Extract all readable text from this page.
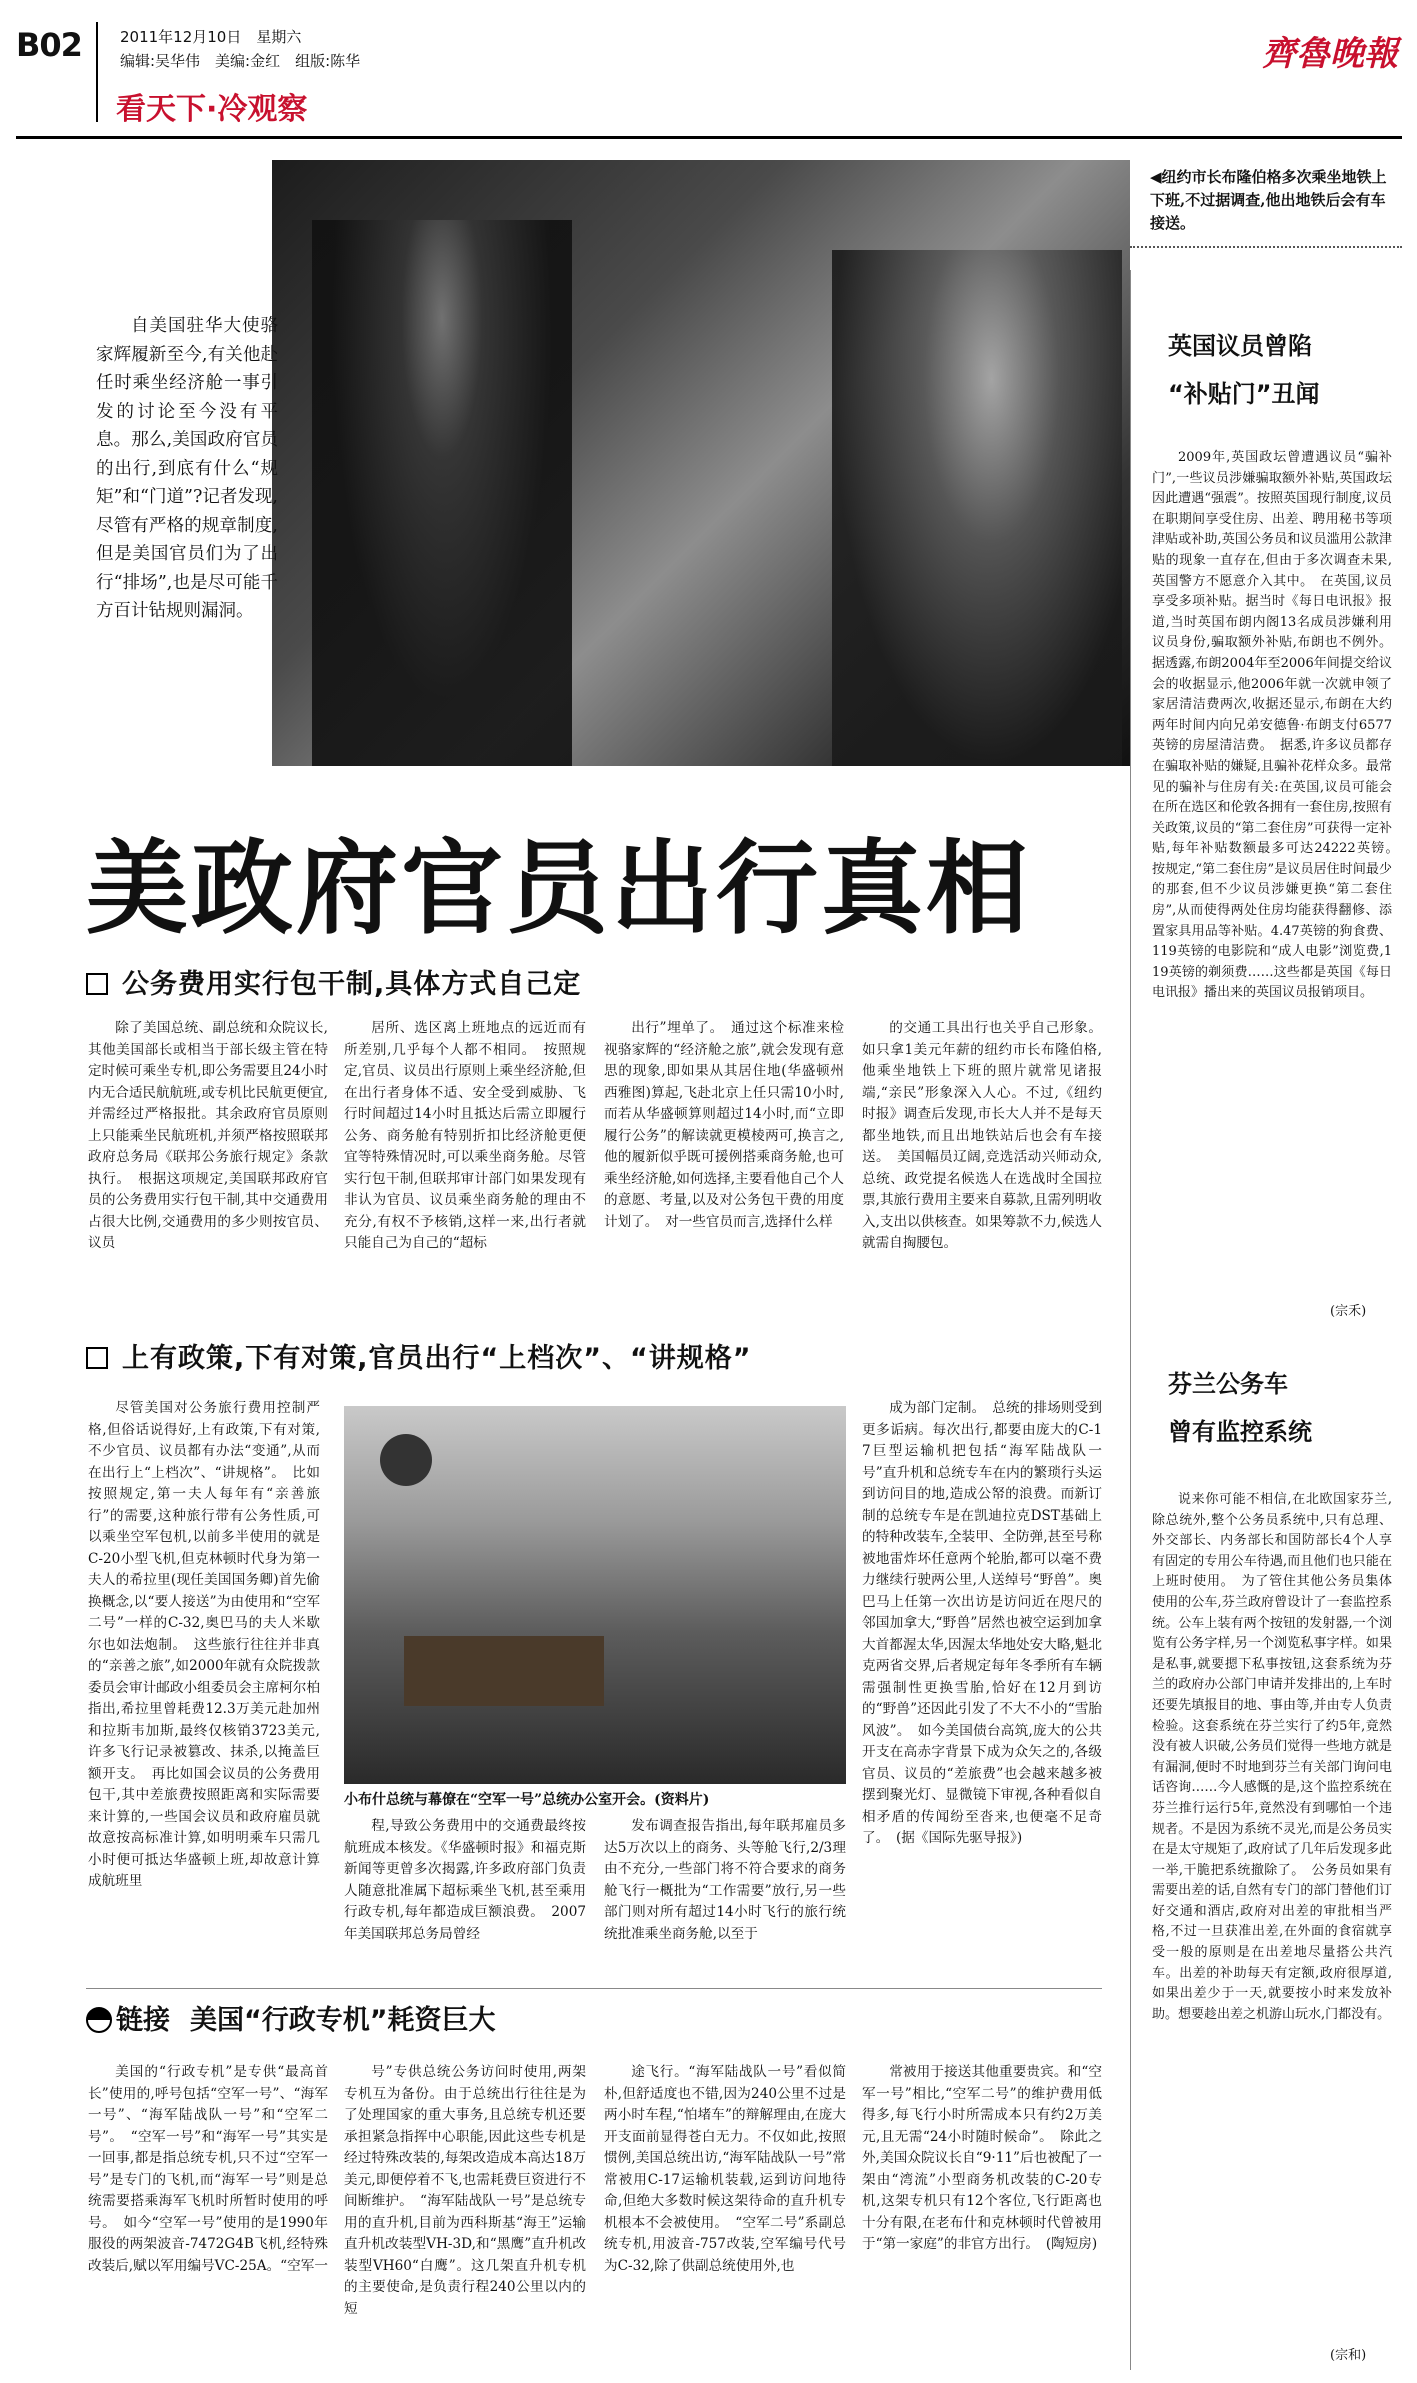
B02	2011年12月10日　星期六
编辑:吴华伟　美编:金红　组版:陈华
看天下·冷观察
齊魯晚報
◀纽约市长布隆伯格多次乘坐地铁上下班,不过据调查,他出地铁后会有车接送。
自美国驻华大使骆家辉履新至今,有关他赴任时乘坐经济舱一事引发的讨论至今没有平息。那么,美国政府官员的出行,到底有什么“规矩”和“门道”?记者发现,尽管有严格的规章制度,但是美国官员们为了出行“排场”,也是尽可能千方百计钻规则漏洞。
美政府官员出行真相
公务费用实行包干制,具体方式自己定
除了美国总统、副总统和众院议长,其他美国部长或相当于部长级主管在特定时候可乘坐专机,即公务需要且24小时内无合适民航航班,或专机比民航更便宜,并需经过严格报批。其余政府官员原则上只能乘坐民航班机,并须严格按照联邦政府总务局《联邦公务旅行规定》条款执行。　根据这项规定,美国联邦政府官员的公务费用实行包干制,其中交通费用占很大比例,交通费用的多少则按官员、议员
居所、选区离上班地点的远近而有所差别,几乎每个人都不相同。　按照规定,官员、议员出行原则上乘坐经济舱,但在出行者身体不适、安全受到威胁、飞行时间超过14小时且抵达后需立即履行公务、商务舱有特别折扣比经济舱更便宜等特殊情况时,可以乘坐商务舱。尽管实行包干制,但联邦审计部门如果发现有非认为官员、议员乘坐商务舱的理由不充分,有权不予核销,这样一来,出行者就只能自己为自己的“超标
出行”埋单了。　通过这个标准来检视骆家辉的“经济舱之旅”,就会发现有意思的现象,即如果从其居住地(华盛顿州西雅图)算起,飞赴北京上任只需10小时,而若从华盛顿算则超过14小时,而“立即履行公务”的解读就更模棱两可,换言之,他的履新似乎既可援例搭乘商务舱,也可乘坐经济舱,如何选择,主要看他自己个人的意愿、考量,以及对公务包干费的用度计划了。　对一些官员而言,选择什么样
的交通工具出行也关乎自己形象。如只拿1美元年薪的纽约市长布隆伯格,他乘坐地铁上下班的照片就常见诸报端,“亲民”形象深入人心。不过,《纽约时报》调查后发现,市长大人并不是每天都坐地铁,而且出地铁站后也会有车接送。　美国幅员辽阔,竞选活动兴师动众,总统、政党提名候选人在选战时全国拉票,其旅行费用主要来自募款,且需列明收入,支出以供核查。如果筹款不力,候选人就需自掏腰包。
上有政策,下有对策,官员出行“上档次”、“讲规格”
尽管美国对公务旅行费用控制严格,但俗话说得好,上有政策,下有对策,不少官员、议员都有办法“变通”,从而在出行上“上档次”、“讲规格”。　比如按照规定,第一夫人每年有“亲善旅行”的需要,这种旅行带有公务性质,可以乘坐空军包机,以前多半使用的就是C-20小型飞机,但克林顿时代身为第一夫人的希拉里(现任美国国务卿)首先偷换概念,以“要人接送”为由使用和“空军二号”一样的C-32,奥巴马的夫人米歇尔也如法炮制。　这些旅行往往并非真的“亲善之旅”,如2000年就有众院拨款委员会审计邮政小组委员会主席柯尔柏指出,希拉里曾耗费12.3万美元赴加州和拉斯韦加斯,最终仅核销3723美元,许多飞行记录被篡改、抹杀,以掩盖巨额开支。　再比如国会议员的公务费用包干,其中差旅费按照距离和实际需要来计算的,一些国会议员和政府雇员就故意按高标准计算,如明明乘车只需几小时便可抵达华盛顿上班,却故意计算成航班里
小布什总统与幕僚在“空军一号”总统办公室开会。(资料片)
程,导致公务费用中的交通费最终按航班成本核发。《华盛顿时报》和福克斯新闻等更曾多次揭露,许多政府部门负责人随意批准属下超标乘坐飞机,甚至乘用行政专机,每年都造成巨额浪费。　2007年美国联邦总务局曾经
发布调查报告指出,每年联邦雇员多达5万次以上的商务、头等舱飞行,2/3理由不充分,一些部门将不符合要求的商务舱飞行一概批为“工作需要”放行,另一些部门则对所有超过14小时飞行的旅行统统批准乘坐商务舱,以至于
成为部门定制。　总统的排场则受到更多诟病。每次出行,都要由庞大的C-17巨型运输机把包括“海军陆战队一号”直升机和总统专车在内的繁琐行头运到访问目的地,造成公帑的浪费。而新订制的总统专车是在凯迪拉克DST基础上的特种改装车,全装甲、全防弹,甚至号称被地雷炸坏任意两个轮胎,都可以毫不费力继续行驶两公里,人送绰号“野兽”。奥巴马上任第一次出访是访问近在咫尺的邻国加拿大,“野兽”居然也被空运到加拿大首都渥太华,因渥太华地处安大略,魁北克两省交界,后者规定每年冬季所有车辆需强制性更换雪胎,恰好在12月到访的“野兽”还因此引发了不大不小的“雪胎风波”。　如今美国债台高筑,庞大的公共开支在高赤字背景下成为众矢之的,各级官员、议员的“差旅费”也会越来越多被摆到聚光灯、显微镜下审视,各种看似自相矛盾的传闻纷至沓来,也便毫不足奇了。　(据《国际先驱导报》)
链接 美国“行政专机”耗资巨大
美国的“行政专机”是专供“最高首长”使用的,呼号包括“空军一号”、“海军一号”、“海军陆战队一号”和“空军二号”。　“空军一号”和“海军一号”其实是一回事,都是指总统专机,只不过“空军一号”是专门的飞机,而“海军一号”则是总统需要搭乘海军飞机时所暂时使用的呼号。　如今“空军一号”使用的是1990年服役的两架波音-7472G4B飞机,经特殊改装后,赋以军用编号VC-25A。“空军一
号”专供总统公务访问时使用,两架专机互为备份。由于总统出行往往是为了处理国家的重大事务,且总统专机还要承担紧急指挥中心职能,因此这些专机是经过特殊改装的,每架改造成本高达18万美元,即便停着不飞,也需耗费巨资进行不间断维护。　“海军陆战队一号”是总统专用的直升机,目前为西科斯基“海王”运输直升机改装型VH-3D,和“黑鹰”直升机改装型VH60“白鹰”。这几架直升机专机的主要使命,是负责行程240公里以内的短
途飞行。“海军陆战队一号”看似简朴,但舒适度也不错,因为240公里不过是两小时车程,“怕堵车”的辩解理由,在庞大开支面前显得苍白无力。不仅如此,按照惯例,美国总统出访,“海军陆战队一号”常常被用C-17运输机装载,运到访问地待命,但绝大多数时候这架待命的直升机专机根本不会被使用。　“空军二号”系副总统专机,用波音-757改装,空军编号代号为C-32,除了供副总统使用外,也
常被用于接送其他重要贵宾。和“空军一号”相比,“空军二号”的维护费用低得多,每飞行小时所需成本只有约2万美元,且无需“24小时随时候命”。　除此之外,美国众院议长自“9·11”后也被配了一架由“湾流”小型商务机改装的C-20专机,这架专机只有12个客位,飞行距离也十分有限,在老布什和克林顿时代曾被用于“第一家庭”的非官方出行。　(陶短房)
英国议员曾陷
“补贴门”丑闻
2009年,英国政坛曾遭遇议员“骗补门”,一些议员涉嫌骗取额外补贴,英国政坛因此遭遇“强震”。按照英国现行制度,议员在职期间享受住房、出差、聘用秘书等项津贴或补助,英国公务员和议员滥用公款津贴的现象一直存在,但由于多次调查未果,英国警方不愿意介入其中。　在英国,议员享受多项补贴。据当时《每日电讯报》报道,当时英国布朗内阁13名成员涉嫌利用议员身份,骗取额外补贴,布朗也不例外。据透露,布朗2004年至2006年间提交给议会的收据显示,他2006年就一次就申领了家居清洁费两次,收据还显示,布朗在大约两年时间内向兄弟安德鲁·布朗支付6577英镑的房屋清洁费。　据悉,许多议员都存在骗取补贴的嫌疑,且骗补花样众多。最常见的骗补与住房有关:在英国,议员可能会在所在选区和伦敦各拥有一套住房,按照有关政策,议员的“第二套住房”可获得一定补贴,每年补贴数额最多可达24222英镑。　按规定,“第二套住房”是议员居住时间最少的那套,但不少议员涉嫌更换“第二套住房”,从而使得两处住房均能获得翻修、添置家具用品等补贴。4.47英镑的狗食费、119英镑的电影院和“成人电影”浏览费,119英镑的剃须费……这些都是英国《每日电讯报》播出来的英国议员报销项目。
(宗禾)
芬兰公务车
曾有监控系统
说来你可能不相信,在北欧国家芬兰,除总统外,整个公务员系统中,只有总理、外交部长、内务部长和国防部长4个人享有固定的专用公车待遇,而且他们也只能在上班时使用。　为了管住其他公务员集体使用的公车,芬兰政府曾设计了一套监控系统。公车上装有两个按钮的发射器,一个浏览有公务字样,另一个浏览私事字样。如果是私事,就要摁下私事按钮,这套系统为芬兰的政府办公部门申请并发排出的,上车时还要先填报目的地、事由等,并由专人负责检验。这套系统在芬兰实行了约5年,竟然没有被人识破,公务员们觉得一些地方就是有漏洞,便时不时地到芬兰有关部门询问电话咨询……今人感慨的是,这个监控系统在芬兰推行运行5年,竟然没有到哪怕一个违规者。不是因为系统不灵光,而是公务员实在是太守规矩了,政府试了几年后发现多此一举,干脆把系统撤除了。　公务员如果有需要出差的话,自然有专门的部门替他们订好交通和酒店,政府对出差的审批相当严格,不过一旦获准出差,在外面的食宿就享受一般的原则是在出差地尽量搭公共汽车。出差的补助每天有定额,政府很厚道,如果出差少于一天,就要按小时来发放补助。想要趁出差之机游山玩水,门都没有。
(宗和)
